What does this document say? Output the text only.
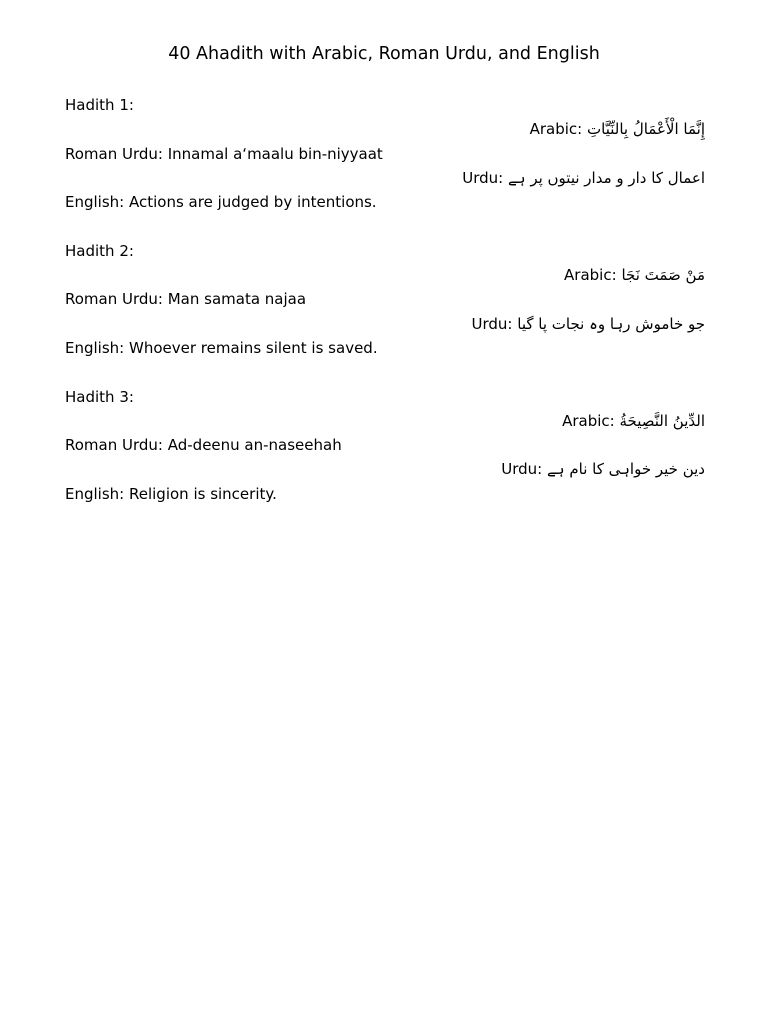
40 Ahadith with Arabic, Roman Urdu, and English
Hadith 1:
Arabic: إِنَّمَا الْأَعْمَالُ بِالنِّيَّاتِ
Roman Urdu: Innamal a‘maalu bin-niyyaat
Urdu: اعمال کا دار و مدار نیتوں پر ہے
English: Actions are judged by intentions.
Hadith 2:
Arabic: مَنْ صَمَتَ نَجَا
Roman Urdu: Man samata najaa
Urdu: جو خاموش رہا وہ نجات پا گیا
English: Whoever remains silent is saved.
Hadith 3:
Arabic: الدِّينُ النَّصِيحَةُ
Roman Urdu: Ad-deenu an-naseehah
Urdu: دین خیر خواہی کا نام ہے
English: Religion is sincerity.
